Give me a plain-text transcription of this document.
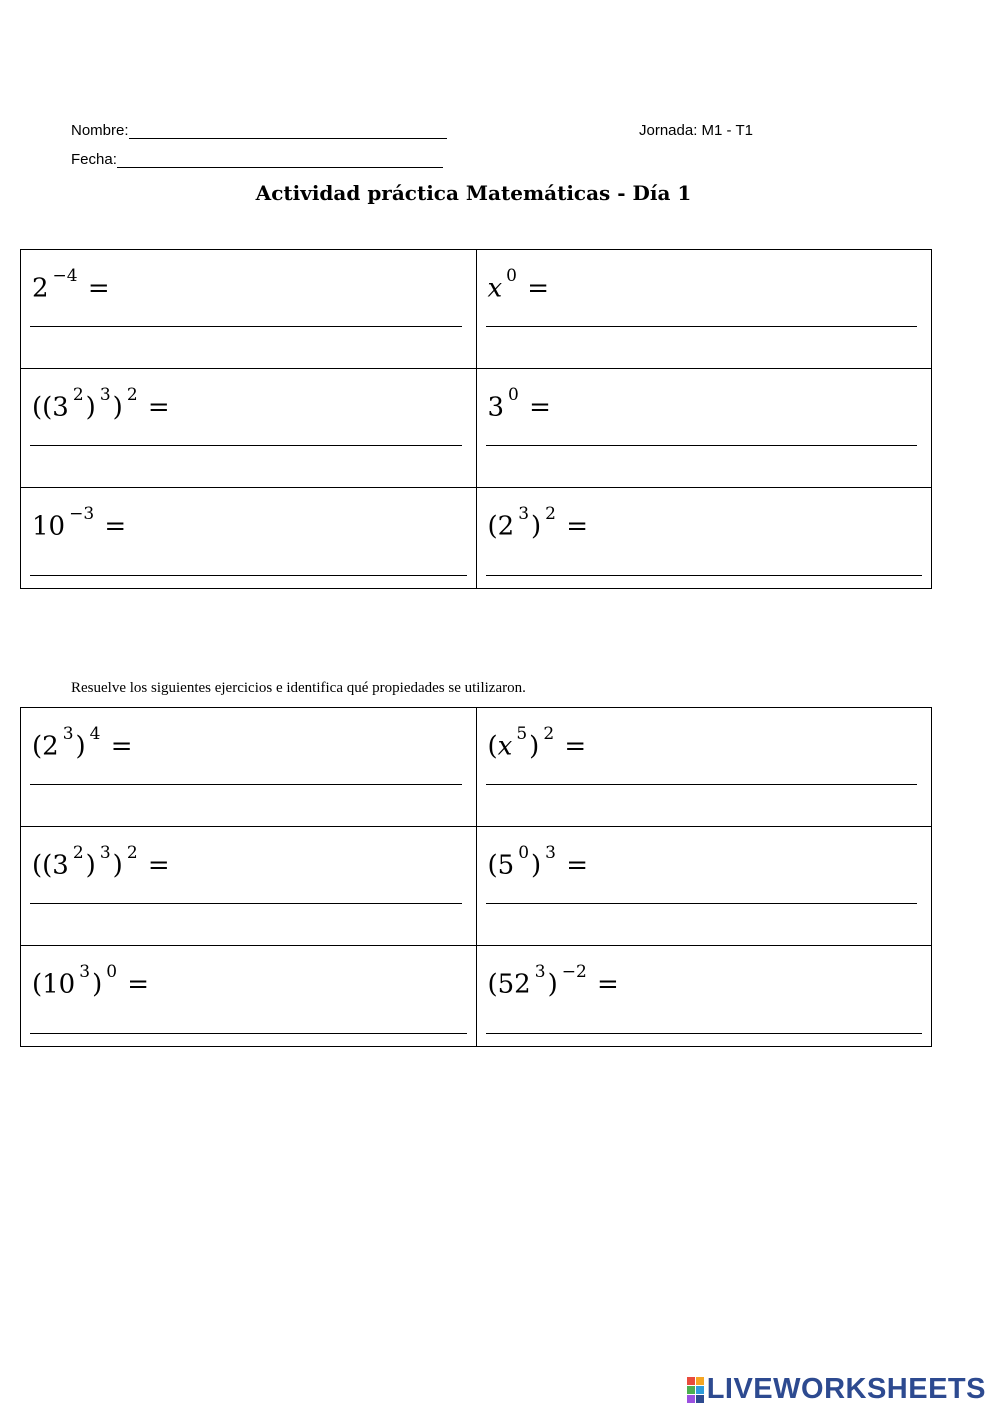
Nombre:
Fecha:
Jornada: M1 - T1
Actividad práctica Matemáticas - Día 1
2 $^{-4}$ =	x $^0$ =

((3 $^2$) $^3$) $^2$ =	3 $^0$ =

10 $^{-3}$ =	(2 $^3$) $^2$ =
Resuelve los siguientes ejercicios e identifica qué propiedades se utilizaron.
(2 $^3$) $^4$ =	(x $^5$) $^2$ =

((3 $^2$) $^3$) $^2$ =	(5 $^0$) $^3$ =

(10 $^3$) $^0$ =	(52 $^3$) $^{-2}$ =
LIVEWORKSHEETS
